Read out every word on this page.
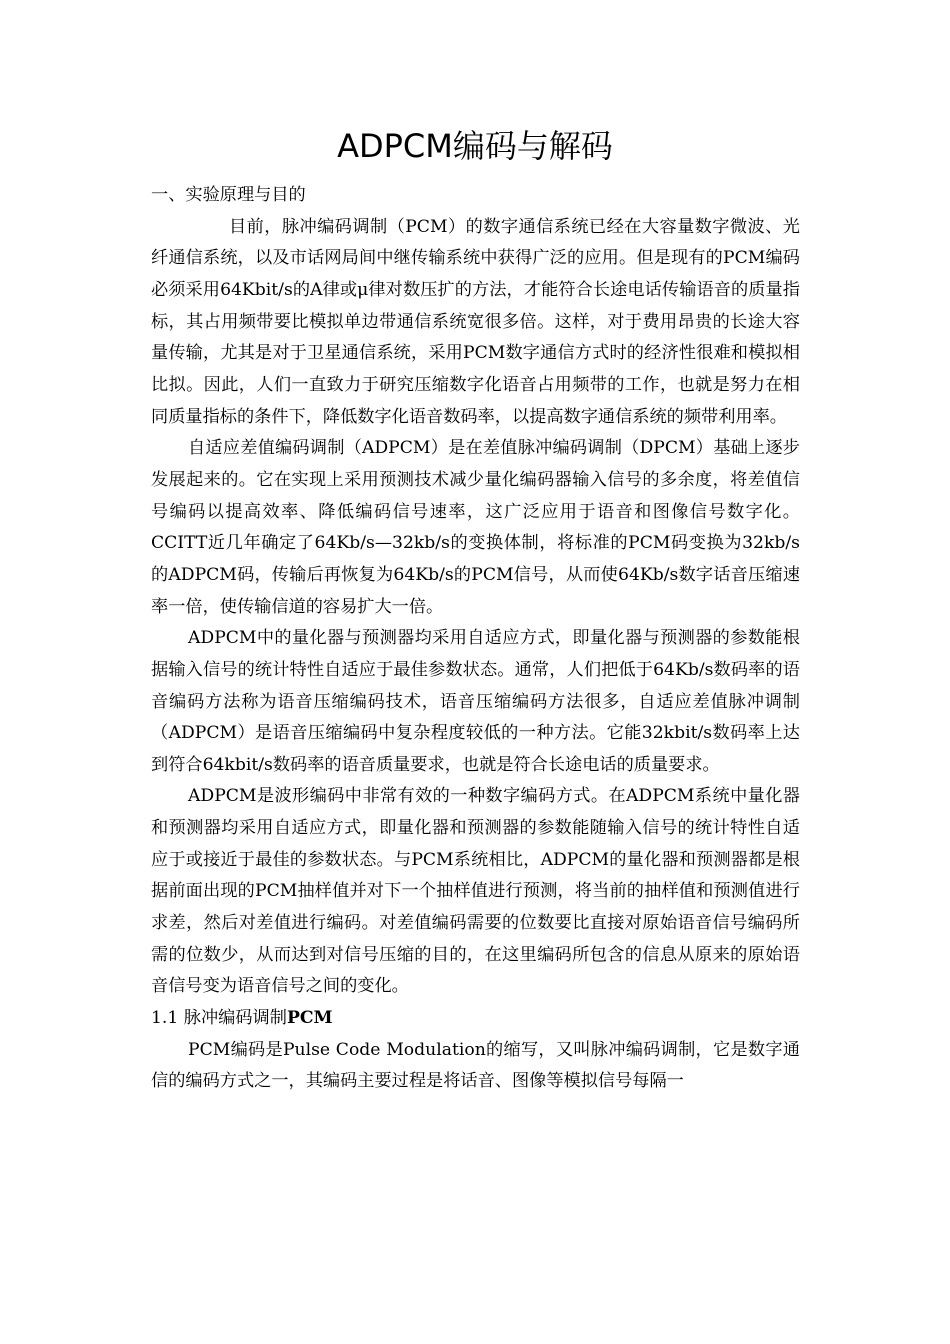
ADPCM编码与解码
一、实验原理与目的

目前，脉冲编码调制（PCM）的数字通信系统已经在大容量数字微波、光纤通信系统，以及市话网局间中继传输系统中获得广泛的应用。但是现有的PCM编码必须采用64Kbit/s的A律或μ律对数压扩的方法，才能符合长途电话传输语音的质量指标，其占用频带要比模拟单边带通信系统宽很多倍。这样，对于费用昂贵的长途大容量传输，尤其是对于卫星通信系统，采用PCM数字通信方式时的经济性很难和模拟相比拟。因此，人们一直致力于研究压缩数字化语音占用频带的工作，也就是努力在相同质量指标的条件下，降低数字化语音数码率，以提高数字通信系统的频带利用率。

自适应差值编码调制（ADPCM）是在差值脉冲编码调制（DPCM）基础上逐步发展起来的。它在实现上采用预测技术减少量化编码器输入信号的多余度，将差值信号编码以提高效率、降低编码信号速率，这广泛应用于语音和图像信号数字化。CCITT近几年确定了64Kb/s—32kb/s的变换体制，将标准的PCM码变换为32kb/s的ADPCM码，传输后再恢复为64Kb/s的PCM信号，从而使64Kb/s数字话音压缩速率一倍，使传输信道的容易扩大一倍。

ADPCM中的量化器与预测器均采用自适应方式，即量化器与预测器的参数能根据输入信号的统计特性自适应于最佳参数状态。通常，人们把低于64Kb/s数码率的语音编码方法称为语音压缩编码技术，语音压缩编码方法很多，自适应差值脉冲调制（ADPCM）是语音压缩编码中复杂程度较低的一种方法。它能32kbit/s数码率上达到符合64kbit/s数码率的语音质量要求，也就是符合长途电话的质量要求。

ADPCM是波形编码中非常有效的一种数字编码方式。在ADPCM系统中量化器和预测器均采用自适应方式，即量化器和预测器的参数能随输入信号的统计特性自适应于或接近于最佳的参数状态。与PCM系统相比，ADPCM的量化器和预测器都是根据前面出现的PCM抽样值并对下一个抽样值进行预测，将当前的抽样值和预测值进行求差，然后对差值进行编码。对差值编码需要的位数要比直接对原始语音信号编码所需的位数少，从而达到对信号压缩的目的，在这里编码所包含的信息从原来的原始语音信号变为语音信号之间的变化。

1.1 脉冲编码调制PCM

PCM编码是Pulse Code Modulation的缩写，又叫脉冲编码调制，它是数字通信的编码方式之一，其编码主要过程是将话音、图像等模拟信号每隔一
